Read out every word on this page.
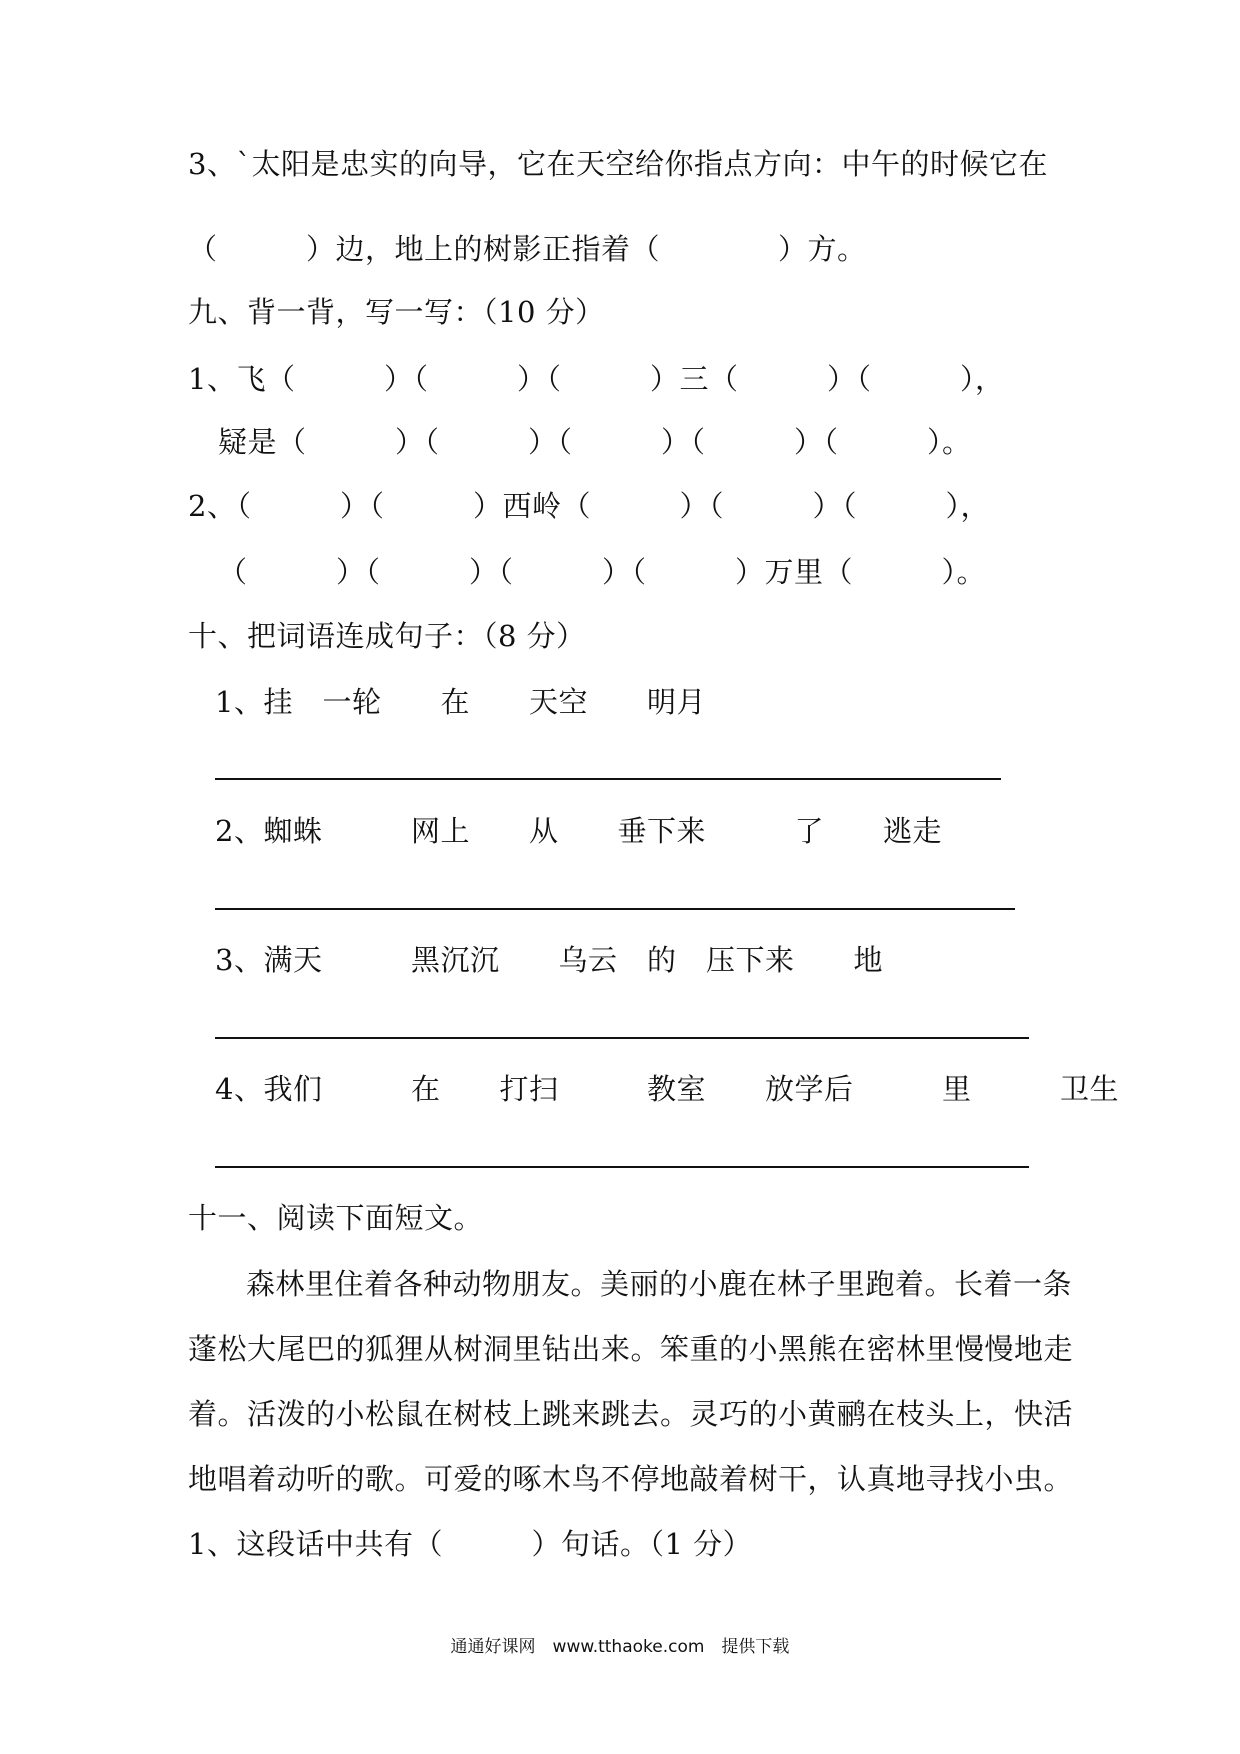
3、`太阳是忠实的向导，它在天空给你指点方向：中午的时候它在
（　　　）边，地上的树影正指着（　　　　）方。
九、背一背，写一写：（10 分）
1、飞（　　　）（　　　）（　　　）三（　　　）（　　　），
疑是（　　　）（　　　）（　　　）（　　　）（　　　）。
2、（　　　）（　　　）西岭（　　　）（　　　）（　　　），
（　　　）（　　　）（　　　）（　　　）万里（　　　）。
十、把词语连成句子：（8 分）
1、挂　一轮　　在　　天空　　明月
2、蜘蛛　　　网上　　从　　垂下来　　　了　　逃走
3、满天　　　黑沉沉　　乌云　的　压下来　　地
4、我们　　　在　　打扫　　　教室　　放学后　　　里　　　卫生
十一、阅读下面短文。
森林里住着各种动物朋友。美丽的小鹿在林子里跑着。长着一条
蓬松大尾巴的狐狸从树洞里钻出来。笨重的小黑熊在密林里慢慢地走
着。活泼的小松鼠在树枝上跳来跳去。灵巧的小黄鹂在枝头上，快活
地唱着动听的歌。可爱的啄木鸟不停地敲着树干，认真地寻找小虫。
1、这段话中共有（　　　）句话。（1 分）
通通好课网　www.tthaoke.com　提供下载
